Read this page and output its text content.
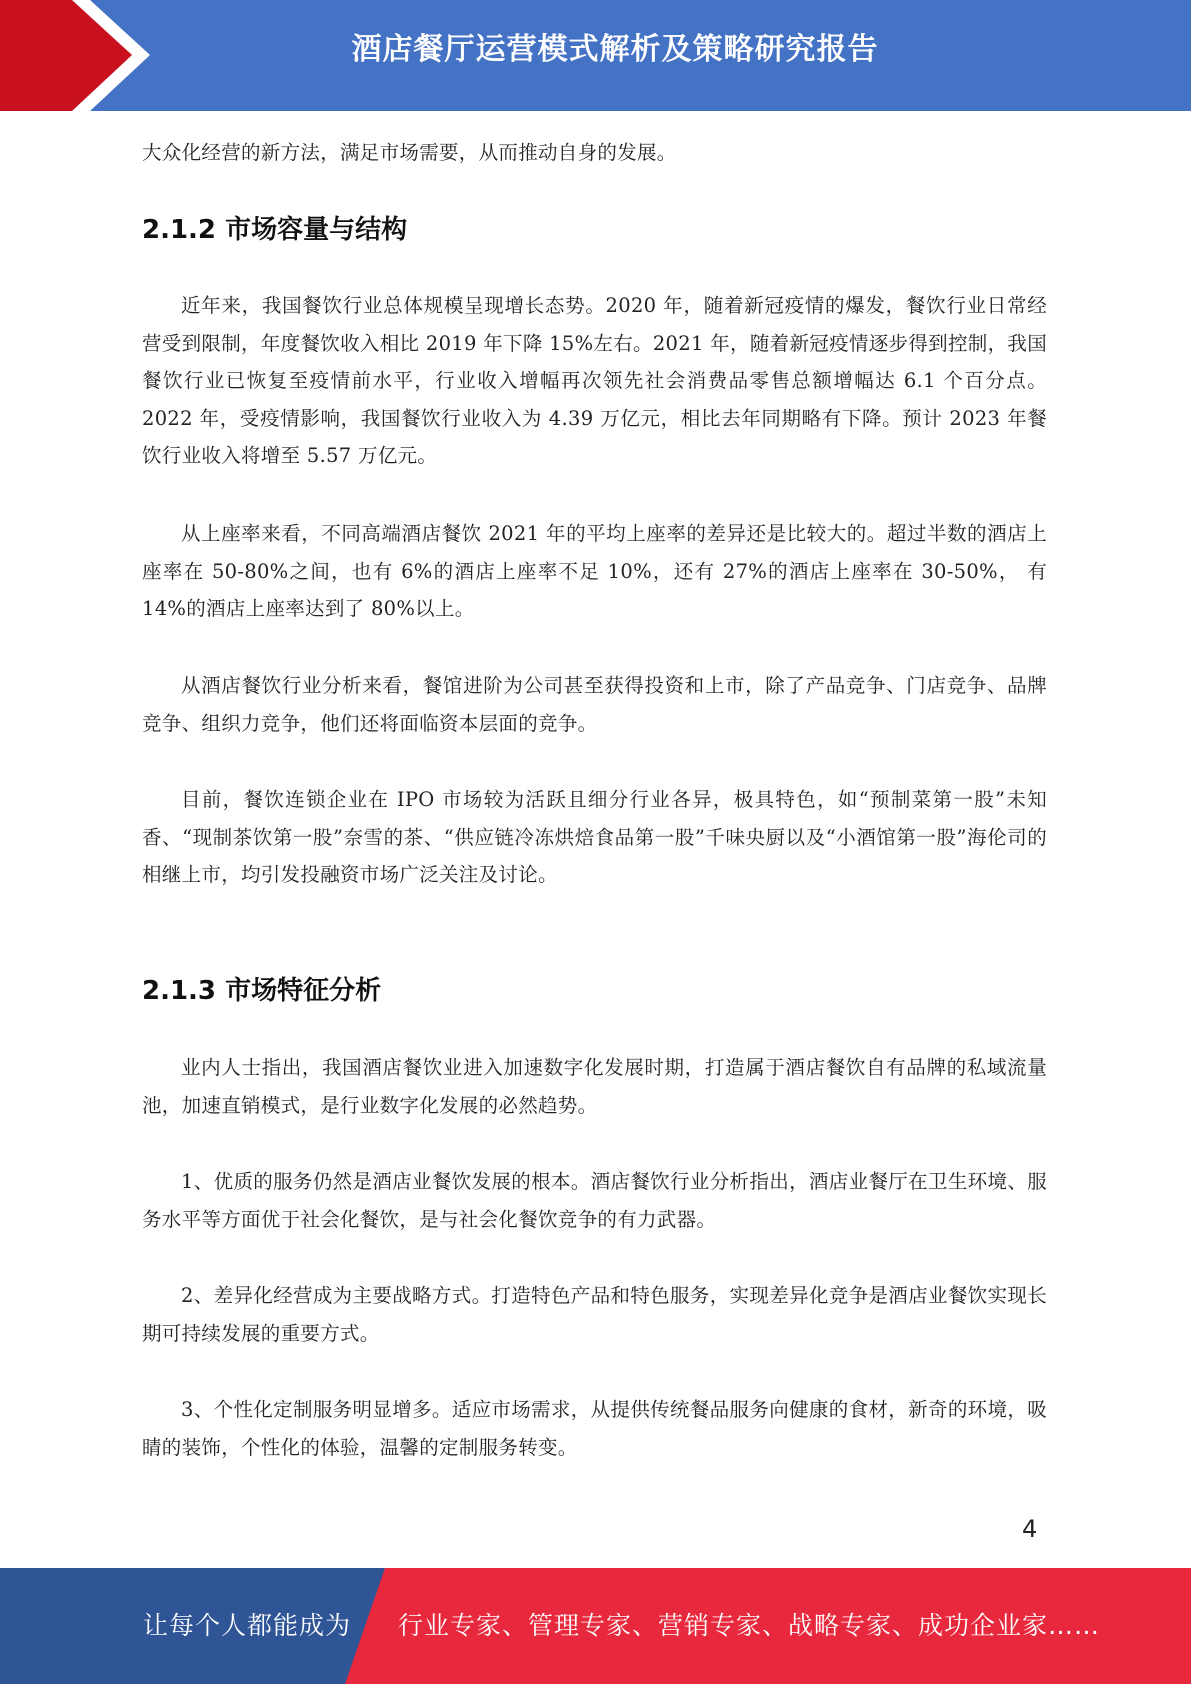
酒店餐厅运营模式解析及策略研究报告

大众化经营的新方法，满足市场需要，从而推动自身的发展。

2.1.2 市场容量与结构

近年来，我国餐饮行业总体规模呈现增长态势。2020 年，随着新冠疫情的爆发，餐饮行业日常经营受到限制，年度餐饮收入相比 2019 年下降 15%左右。2021 年，随着新冠疫情逐步得到控制，我国餐饮行业已恢复至疫情前水平，行业收入增幅再次领先社会消费品零售总额增幅达 6.1 个百分点。2022 年，受疫情影响，我国餐饮行业收入为 4.39 万亿元，相比去年同期略有下降。预计 2023 年餐饮行业收入将增至 5.57 万亿元。

从上座率来看，不同高端酒店餐饮 2021 年的平均上座率的差异还是比较大的。超过半数的酒店上座率在 50-80%之间，也有 6%的酒店上座率不足 10%，还有 27%的酒店上座率在 30-50%， 有 14%的酒店上座率达到了 80%以上。

从酒店餐饮行业分析来看，餐馆进阶为公司甚至获得投资和上市，除了产品竞争、门店竞争、品牌竞争、组织力竞争，他们还将面临资本层面的竞争。

目前，餐饮连锁企业在 IPO 市场较为活跃且细分行业各异，极具特色，如“预制菜第一股”未知香、“现制茶饮第一股”奈雪的茶、“供应链冷冻烘焙食品第一股”千味央厨以及“小酒馆第一股”海伦司的相继上市，均引发投融资市场广泛关注及讨论。

2.1.3 市场特征分析

业内人士指出，我国酒店餐饮业进入加速数字化发展时期，打造属于酒店餐饮自有品牌的私域流量池，加速直销模式，是行业数字化发展的必然趋势。

1、优质的服务仍然是酒店业餐饮发展的根本。酒店餐饮行业分析指出，酒店业餐厅在卫生环境、服务水平等方面优于社会化餐饮，是与社会化餐饮竞争的有力武器。

2、差异化经营成为主要战略方式。打造特色产品和特色服务，实现差异化竞争是酒店业餐饮实现长期可持续发展的重要方式。

3、个性化定制服务明显增多。适应市场需求，从提供传统餐品服务向健康的食材，新奇的环境，吸睛的装饰，个性化的体验，温馨的定制服务转变。

4
让每个人都能成为 行业专家、管理专家、营销专家、战略专家、成功企业家……
